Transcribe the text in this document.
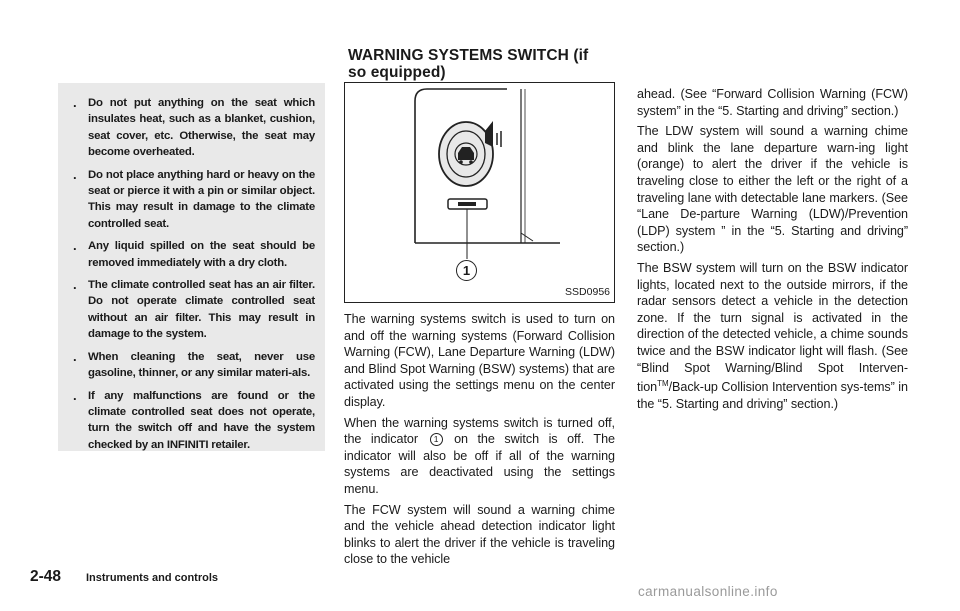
. Do not put anything on the seat which insulates heat, such as a blanket, cushion, seat cover, etc. Otherwise, the seat may become overheated.
. Do not place anything hard or heavy on the seat or pierce it with a pin or similar object. This may result in damage to the climate controlled seat.
. Any liquid spilled on the seat should be removed immediately with a dry cloth.
. The climate controlled seat has an air filter. Do not operate climate controlled seat without an air filter. This may result in damage to the system.
. When cleaning the seat, never use gasoline, thinner, or any similar materi-als.
. If any malfunctions are found or the climate controlled seat does not operate, turn the switch off and have the system checked by an INFINITI retailer.
WARNING SYSTEMS SWITCH (if so equipped)
1
SSD0956

The warning systems switch is used to turn on and off the warning systems (Forward Collision Warning (FCW), Lane Departure Warning (LDW) and Blind Spot Warning (BSW) systems) that are activated using the settings menu on the center display.

When the warning systems switch is turned off, the indicator 1 on the switch is off. The indicator will also be off if all of the warning systems are deactivated using the settings menu.

The FCW system will sound a warning chime and the vehicle ahead detection indicator light blinks to alert the driver if the vehicle is traveling close to the vehicle

ahead. (See “Forward Collision Warning (FCW) system” in the “5. Starting and driving” section.)

The LDW system will sound a warning chime and blink the lane departure warn-ing light (orange) to alert the driver if the vehicle is traveling close to either the left or the right of a traveling lane with detectable lane markers. (See “Lane De-parture Warning (LDW)/Prevention (LDP) system ” in the “5. Starting and driving” section.)

The BSW system will turn on the BSW indicator lights, located next to the outside mirrors, if the radar sensors detect a vehicle in the detection zone. If the turn signal is activated in the direction of the detected vehicle, a chime sounds twice and the BSW indicator light will flash. (See “Blind Spot Warning/Blind Spot Interven-tion™/Back-up Collision Intervention sys-tems” in the “5. Starting and driving” section.)

2-48 Instruments and controls
carmanualsonline.info
